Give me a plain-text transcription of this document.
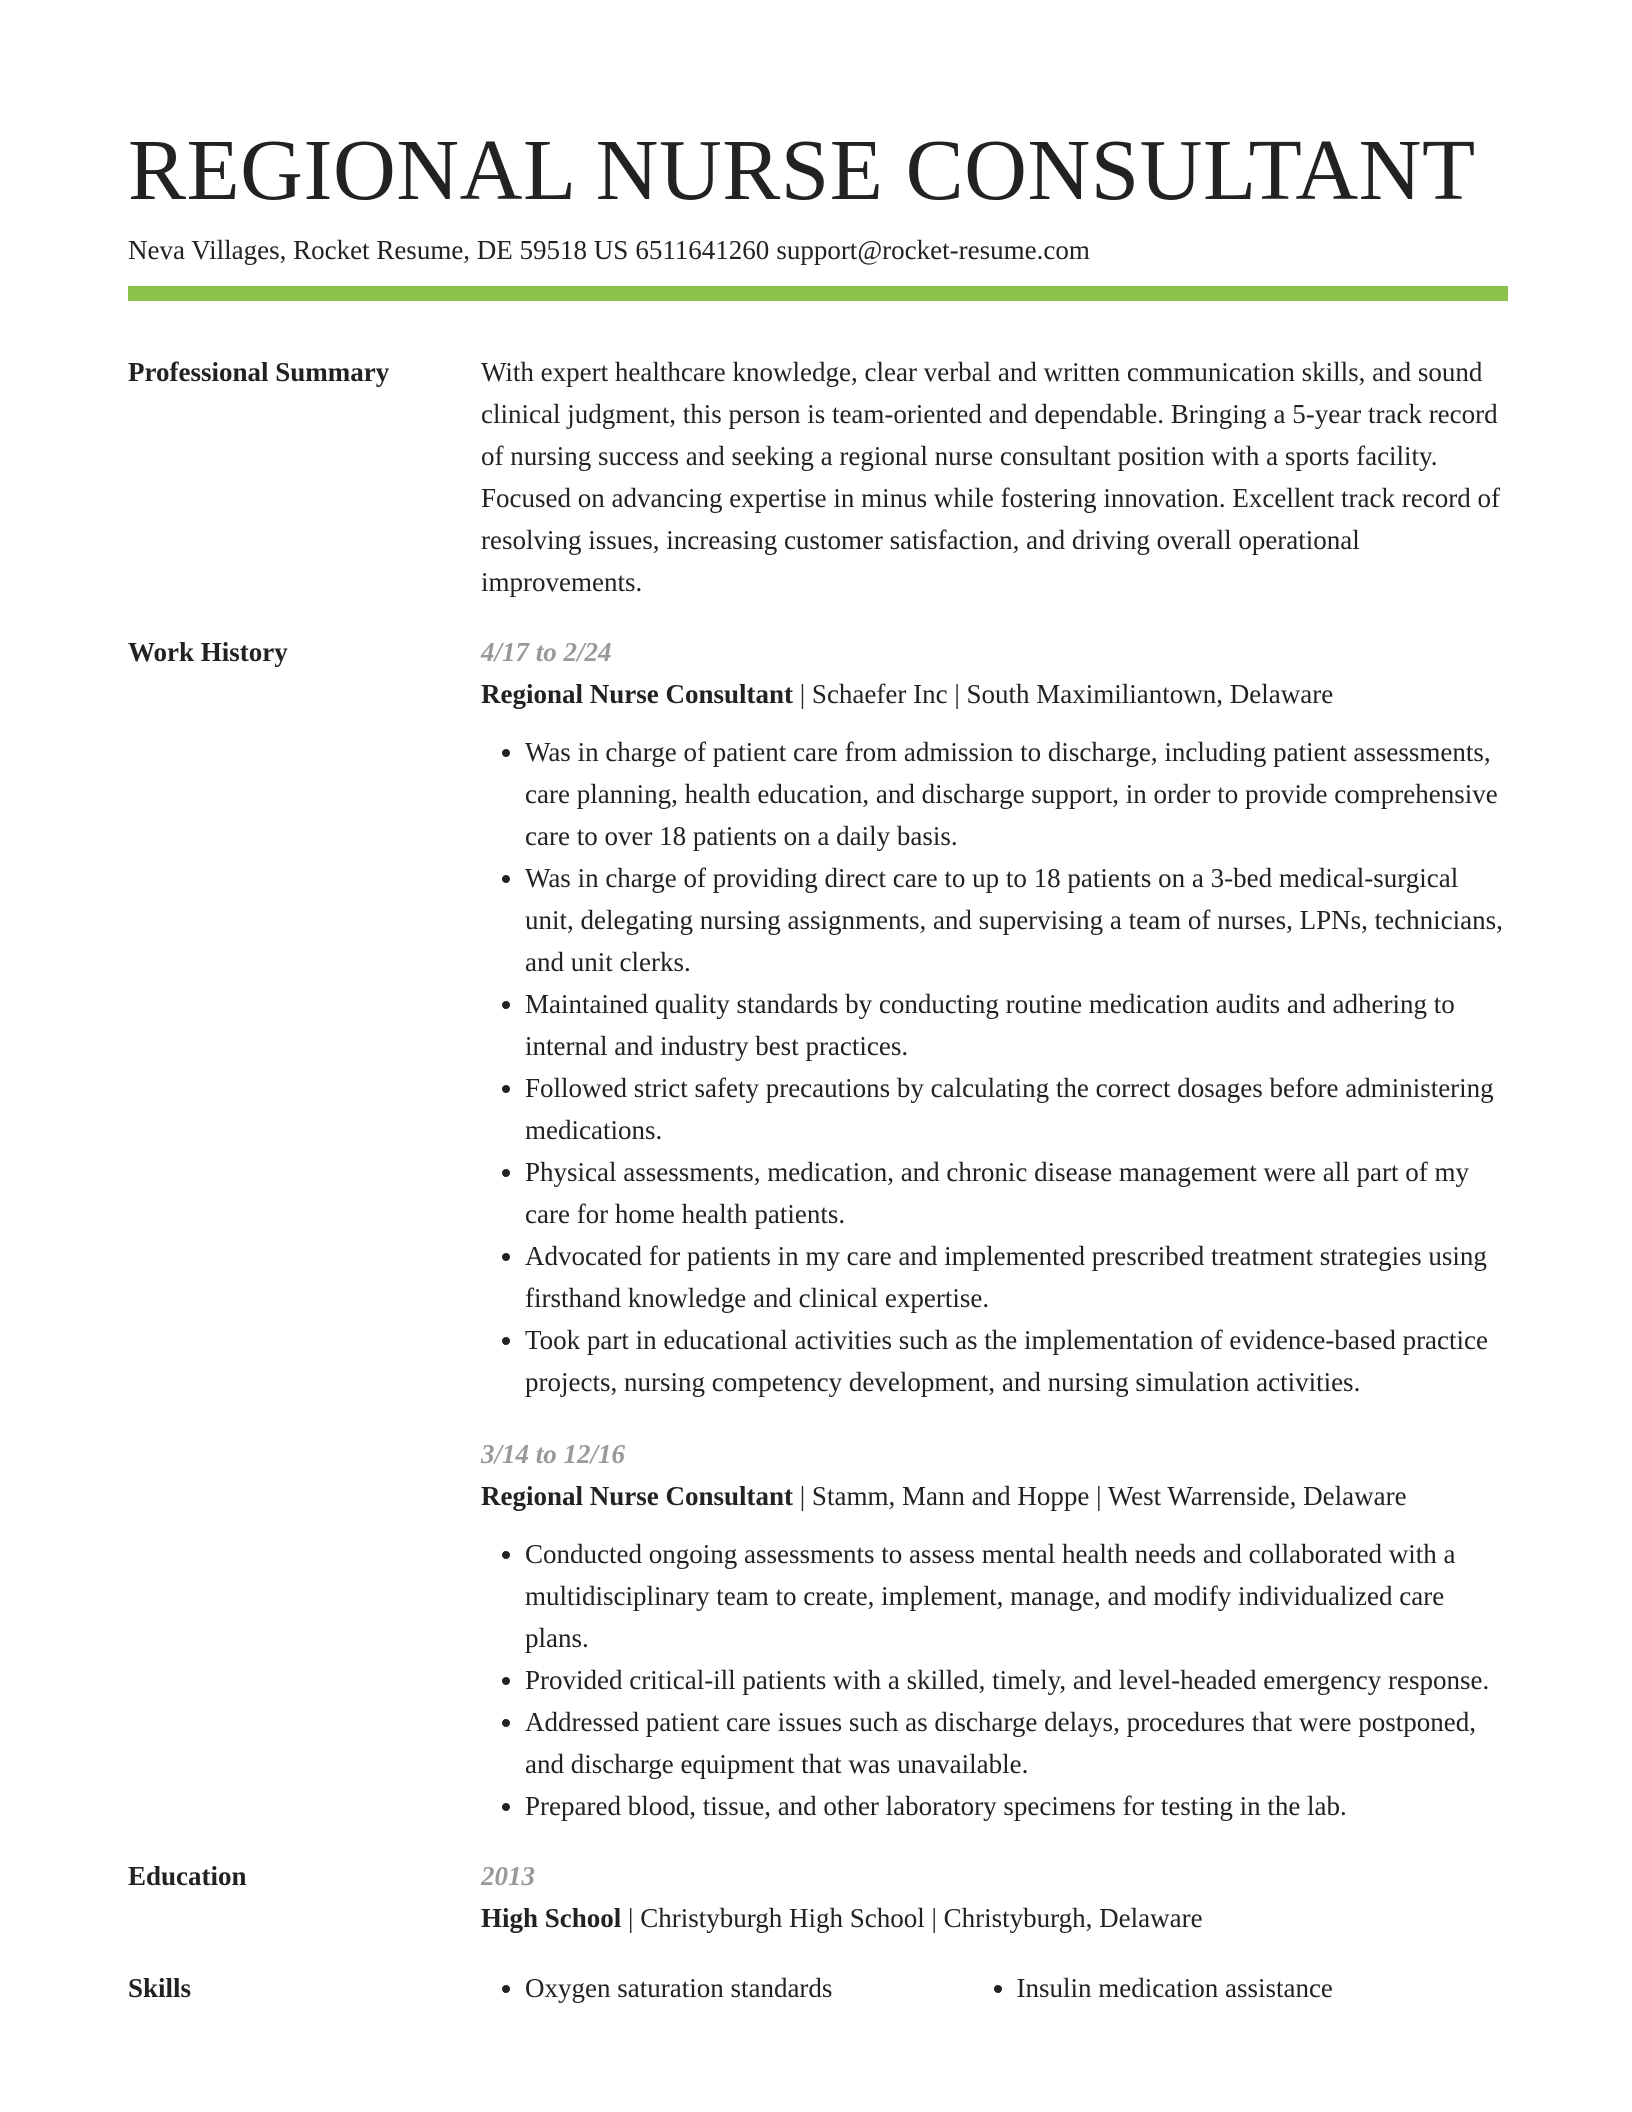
REGIONAL NURSE CONSULTANT
Neva Villages, Rocket Resume, DE 59518 US 6511641260 support@rocket-resume.com
Professional Summary	With expert healthcare knowledge, clear verbal and written communication skills, and sound clinical judgment, this person is team-oriented and dependable. Bringing a 5-year track record of nursing success and seeking a regional nurse consultant position with a sports facility. Focused on advancing expertise in minus while fostering innovation. Excellent track record of resolving issues, increasing customer satisfaction, and driving overall operational improvements.
Work History	4/17 to 2/24
Regional Nurse Consultant | Schaefer Inc | South Maximiliantown, Delaware
• Was in charge of patient care from admission to discharge, including patient assessments, care planning, health education, and discharge support, in order to provide comprehensive care to over 18 patients on a daily basis.
• Was in charge of providing direct care to up to 18 patients on a 3-bed medical-surgical unit, delegating nursing assignments, and supervising a team of nurses, LPNs, technicians, and unit clerks.
• Maintained quality standards by conducting routine medication audits and adhering to internal and industry best practices.
• Followed strict safety precautions by calculating the correct dosages before administering medications.
• Physical assessments, medication, and chronic disease management were all part of my care for home health patients.
• Advocated for patients in my care and implemented prescribed treatment strategies using firsthand knowledge and clinical expertise.
• Took part in educational activities such as the implementation of evidence-based practice projects, nursing competency development, and nursing simulation activities.
3/14 to 12/16
Regional Nurse Consultant | Stamm, Mann and Hoppe | West Warrenside, Delaware
• Conducted ongoing assessments to assess mental health needs and collaborated with a multidisciplinary team to create, implement, manage, and modify individualized care plans.
• Provided critical-ill patients with a skilled, timely, and level-headed emergency response.
• Addressed patient care issues such as discharge delays, procedures that were postponed, and discharge equipment that was unavailable.
• Prepared blood, tissue, and other laboratory specimens for testing in the lab.
Education	2013
High School | Christyburgh High School | Christyburgh, Delaware
Skills	• Oxygen saturation standards	• Insulin medication assistance
